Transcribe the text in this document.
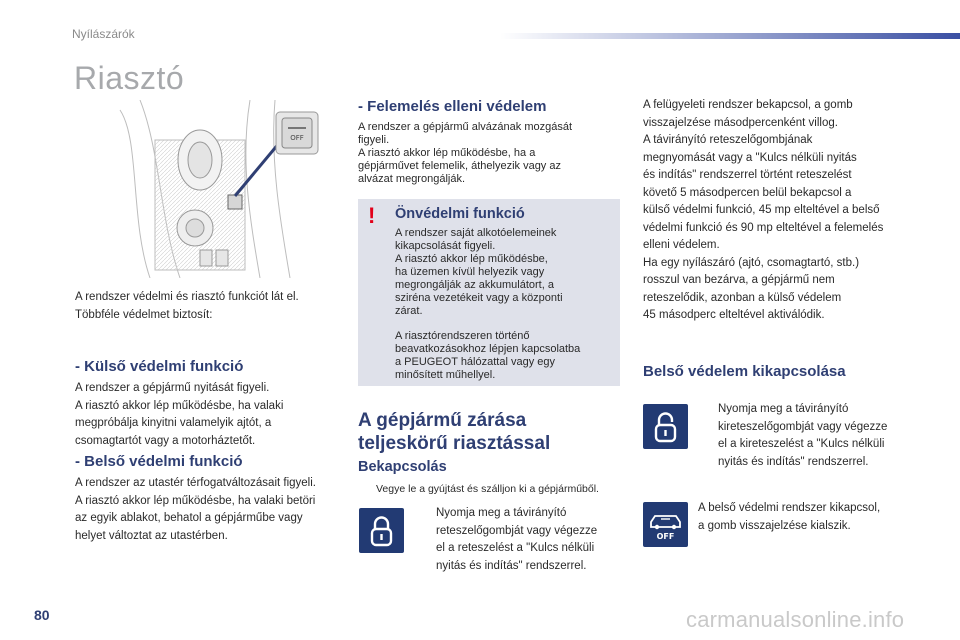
Nyílászárók
Riasztó
OFF
A rendszer védelmi és riasztó funkciót lát el.
Többféle védelmet biztosít:
- Külső védelmi funkció
A rendszer a gépjármű nyitását figyeli.
A riasztó akkor lép működésbe, ha valaki
megpróbálja kinyitni valamelyik ajtót, a
csomagtartót vagy a motorháztetőt.
- Belső védelmi funkció
A rendszer az utastér térfogatváltozásait figyeli.
A riasztó akkor lép működésbe, ha valaki betöri
az egyik ablakot, behatol a gépjárműbe vagy
helyet változtat az utastérben.
- Felemelés elleni védelem
A rendszer a gépjármű alvázának mozgását
figyeli.
A riasztó akkor lép működésbe, ha a
gépjárművet felemelik, áthelyezik vagy az
alvázat megrongálják.
! Önvédelmi funkció
A rendszer saját alkotóelemeinek
kikapcsolását figyeli.
A riasztó akkor lép működésbe,
ha üzemen kívül helyezik vagy
megrongálják az akkumulátort, a
sziréna vezetékeit vagy a központi
zárat.
A riasztórendszeren történő
beavatkozásokhoz lépjen kapcsolatba
a PEUGEOT hálózattal vagy egy
minősített műhellyel.
A gépjármű zárása
teljeskörű riasztással
Bekapcsolás
Vegye le a gyújtást és szálljon ki a gépjárműből.
Nyomja meg a távirányító
reteszelőgombját vagy végezze
el a reteszelést a "Kulcs nélküli
nyitás és indítás" rendszerrel.
A felügyeleti rendszer bekapcsol, a gomb
visszajelzése másodpercenként villog.
A távirányító reteszelőgombjának
megnyomását vagy a "Kulcs nélküli nyitás
és indítás" rendszerrel történt reteszelést
követő 5 másodpercen belül bekapcsol a
külső védelmi funkció, 45 mp elteltével a belső
védelmi funkció és 90 mp elteltével a felemelés
elleni védelem.
Ha egy nyílászáró (ajtó, csomagtartó, stb.)
rosszul van bezárva, a gépjármű nem
reteszelődik, azonban a külső védelem
45 másodperc elteltével aktiválódik.
Belső védelem kikapcsolása
Nyomja meg a távirányító
kireteszelőgombját vagy végezze
el a kireteszelést a "Kulcs nélküli
nyitás és indítás" rendszerrel.
OFF
A belső védelmi rendszer kikapcsol,
a gomb visszajelzése kialszik.
80	carmanualsonline.info
